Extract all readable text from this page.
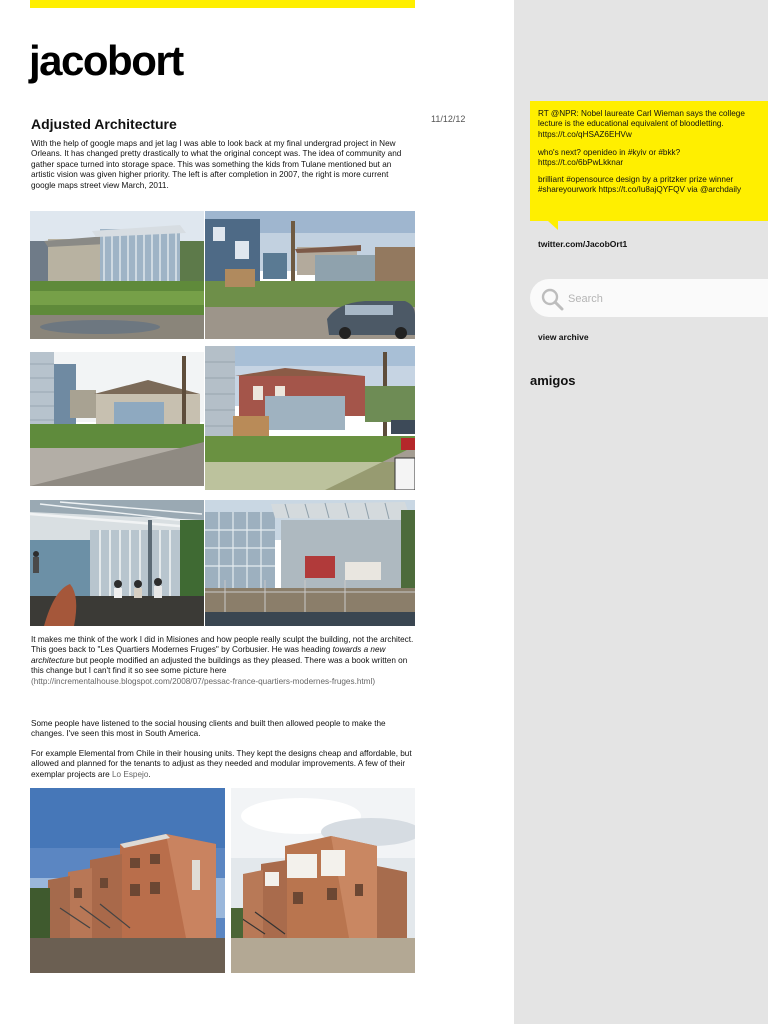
jacobort
Adjusted Architecture	11/12/12

With the help of google maps and jet lag I was able to look back at my final undergrad project in New Orleans. It has changed pretty drastically to what the original concept was. The idea of community and gather space turned into storage space. This was something the kids from Tulane mentioned but an artistic vision was given higher priority. The left is after completion in 2007, the right is more current google maps street view March, 2011.

It makes me think of the work I did in Misiones and how people really sculpt the building, not the architect. This goes back to "Les Quartiers Modernes Fruges" by Corbusier. He was heading towards a new architecture but people modified an adjusted the buildings as they pleased. There was a book written on this change but I can't find it so see some picture here
(http://incrementalhouse.blogspot.com/2008/07/pessac-france-quartiers-modernes-fruges.html)

Some people have listened to the social housing clients and built then allowed people to make the changes. I've seen this most in South America.

For example Elemental from Chile in their housing units. They kept the designs cheap and affordable, but allowed and planned for the tenants to adjust as they needed and modular improvements. A few of their exemplar projects are Lo Espejo.

RT @NPR: Nobel laureate Carl Wieman says the college lecture is the educational equivalent of bloodletting. https://t.co/qHSAZ6EHVw

who's next? openideo in #kyiv or #bkk? https://t.co/6bPwLkknar

brilliant #opensource design by a pritzker prize winner #shareyourwork https://t.co/Iu8ajQYFQV via @archdaily

twitter.com/JacobOrt1
Search
view archive
amigos
